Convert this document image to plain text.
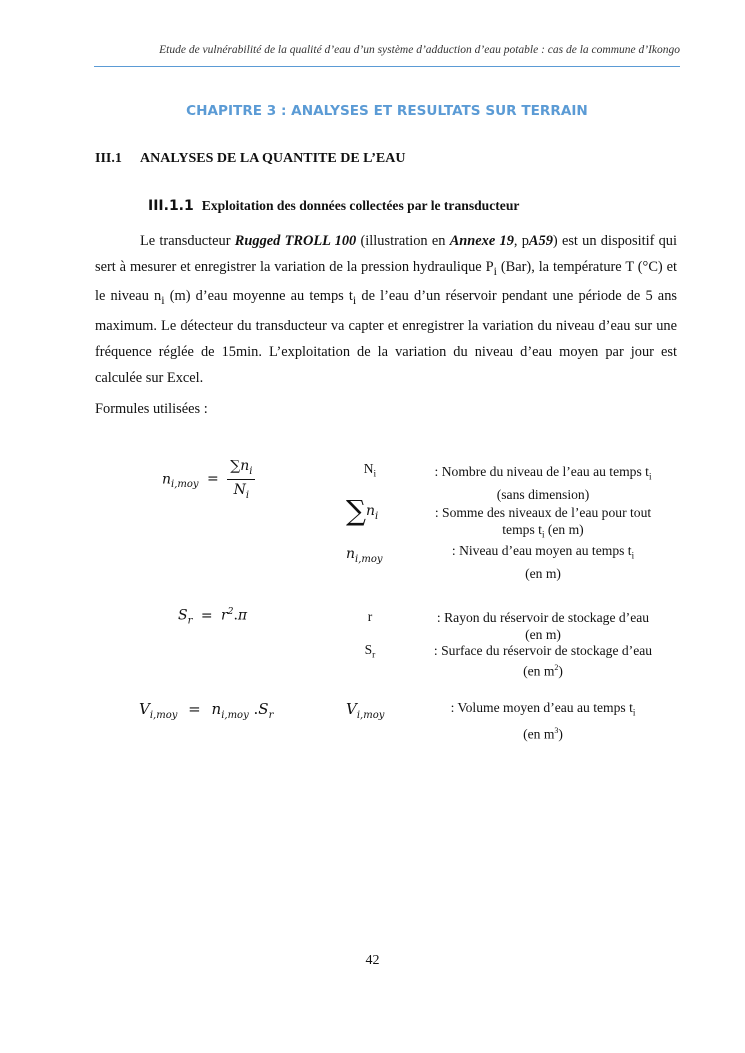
Etude de vulnérabilité de la qualité d’eau d’un système d’adduction d’eau potable : cas de la commune d’Ikongo
CHAPITRE 3 : ANALYSES ET RESULTATS SUR TERRAIN
III.1 ANALYSES DE LA QUANTITE DE L’EAU
III.1.1 Exploitation des données collectées par le transducteur

Le transducteur Rugged TROLL 100 (illustration en Annexe 19, pA59) est un dispositif qui sert à mesurer et enregistrer la variation de la pression hydraulique $P_i$ (Bar), la température T (°C) et le niveau $n_i$ (m) d’eau moyenne au temps $t_i$ de l’eau d’un réservoir pendant une période de 5 ans maximum. Le détecteur du transducteur va capter et enregistrer la variation du niveau d’eau sur une fréquence réglée de 15min. L’exploitation de la variation du niveau d’eau moyen par jour est calculée sur Excel.

Formules utilisées :
$n_{i,moy} = \frac{\sum n_i}{N_i}$	$N_i$	: Nombre du niveau de l’eau au temps $t_i$
(sans dimension)
$\sum n_i$	: Somme des niveaux de l’eau pour tout
temps $t_i$ (en m)
$n_{i,moy}$
: Niveau d’eau moyen au temps $t_i$
(en m)
$S_r = r^2.\pi$	r	: Rayon du réservoir de stockage d’eau
(en m)
$S_r$	: Surface du réservoir de stockage d’eau
(en $m^2$)
$V_{i,moy} = n_{i,moy}$ $.S_r$	$V_{i,moy}$
: Volume moyen d’eau au temps $t_i$
(en $m^3$)
42
